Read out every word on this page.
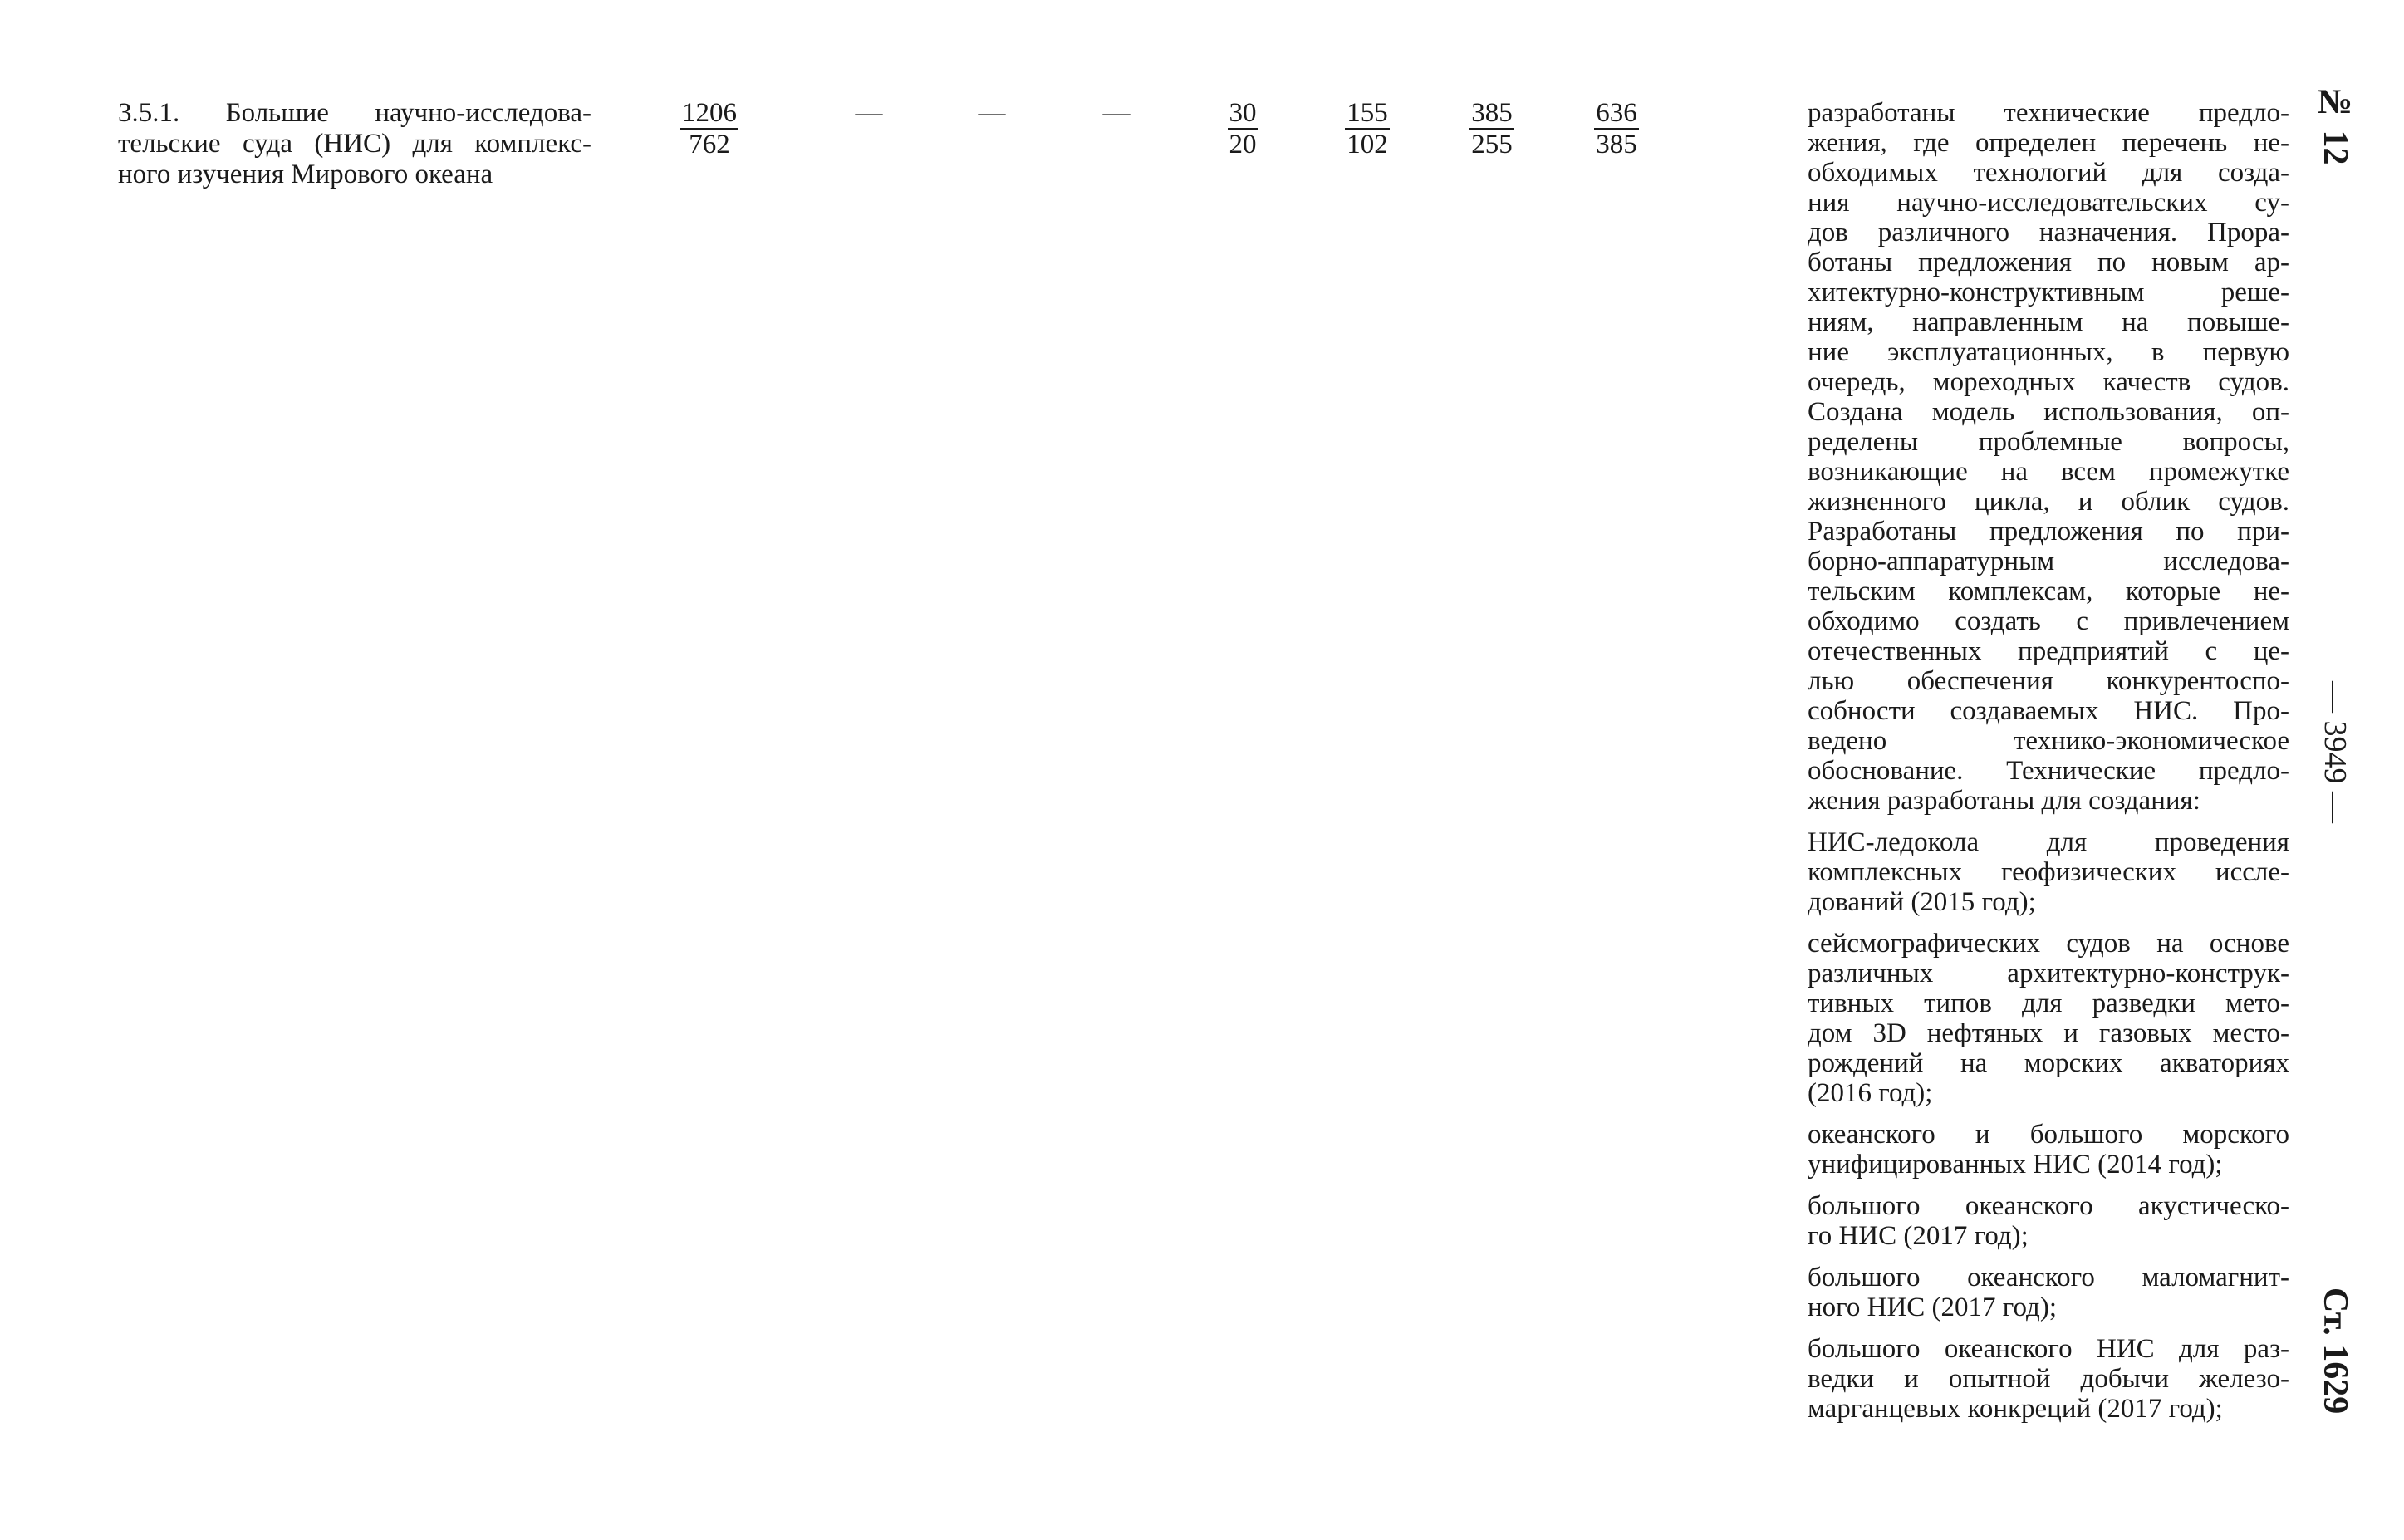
3.5.1. Большие научно-исследова-
тельские суда (НИС) для комплекс-
ного изучения Мирового океана
$\frac{1206}{762}$	—	—	—	$\frac{30}{20} \frac{155}{102} \frac{385}{255} \frac{636}{385}$	разработаны технические предло-
жения, где определен перечень не-
обходимых технологий для созда-
ния научно-исследовательских су-
дов различного назначения. Прора-
ботаны предложения по новым ар-
хитектурно-конструктивным реше-
ниям, направленным на повыше-
ние эксплуатационных, в первую
очередь, мореходных качеств судов.
Создана модель использования, оп-
ределены проблемные вопросы,
возникающие на всем промежутке
жизненного цикла, и облик судов.
Разработаны предложения по при-
борно-аппаратурным исследова-
тельским комплексам, которые не-
обходимо создать с привлечением
отечественных предприятий с це-
лью обеспечения конкурентоспо-
собности создаваемых НИС. Про-
ведено технико-экономическое
обоснование. Технические предло-
жения разработаны для создания:
НИС-ледокола для проведения
комплексных геофизических иссле-
дований (2015 год);
сейсмографических судов на основе
различных архитектурно-конструк-
тивных типов для разведки мето-
дом 3D нефтяных и газовых место-
рождений на морских акваториях
(2016 год);
океанского и большого морского
унифицированных НИС (2014 год);
большого океанского акустическо-
го НИС (2017 год);
большого океанского маломагнит-
ного НИС (2017 год);
большого океанского НИС для раз-
ведки и опытной добычи железо-
марганцевых конкреций (2017 год);
№ 12
— 3949 —
Ст. 1629
